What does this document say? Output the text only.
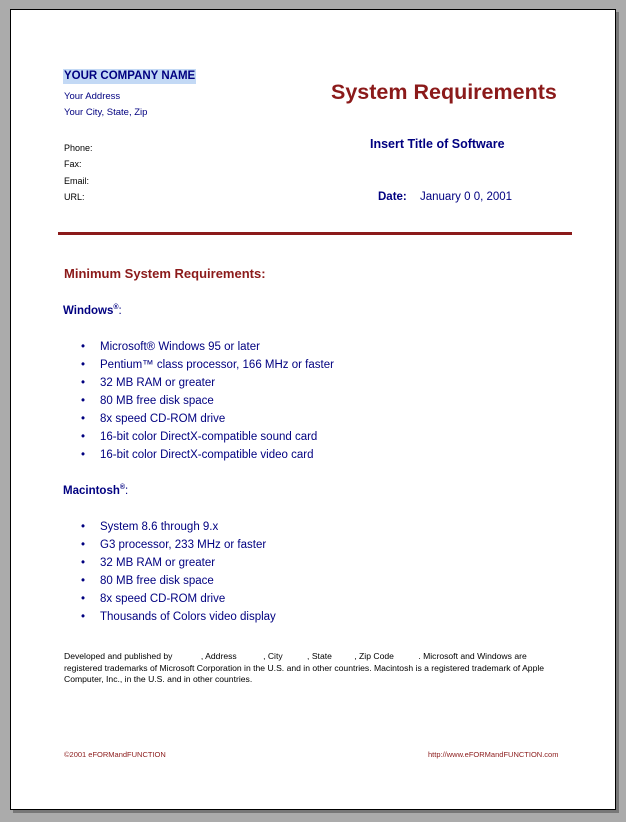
YOUR COMPANY NAME
Your Address
Your City, State, Zip
Phone:
Fax:
Email:
URL:
System Requirements
Insert Title of Software
Date: January 0 0, 2001
Minimum System Requirements:
Windows®:
• Microsoft® Windows 95 or later
• Pentium™ class processor, 166 MHz or faster
• 32 MB RAM or greater
• 80 MB free disk space
• 8x speed CD-ROM drive
• 16-bit color DirectX-compatible sound card
• 16-bit color DirectX-compatible video card
Macintosh®:
• System 8.6 through 9.x
• G3 processor, 233 MHz or faster
• 32 MB RAM or greater
• 80 MB free disk space
• 8x speed CD-ROM drive
• Thousands of Colors video display
Developed and published by	, Address	, City	, State	, Zip Code	. Microsoft and Windows are registered trademarks of Microsoft Corporation in the U.S. and in other countries. Macintosh is a registered trademark of Apple Computer, Inc., in the U.S. and in other countries.
©2001 eFORMandFUNCTION	http://www.eFORMandFUNCTION.com
